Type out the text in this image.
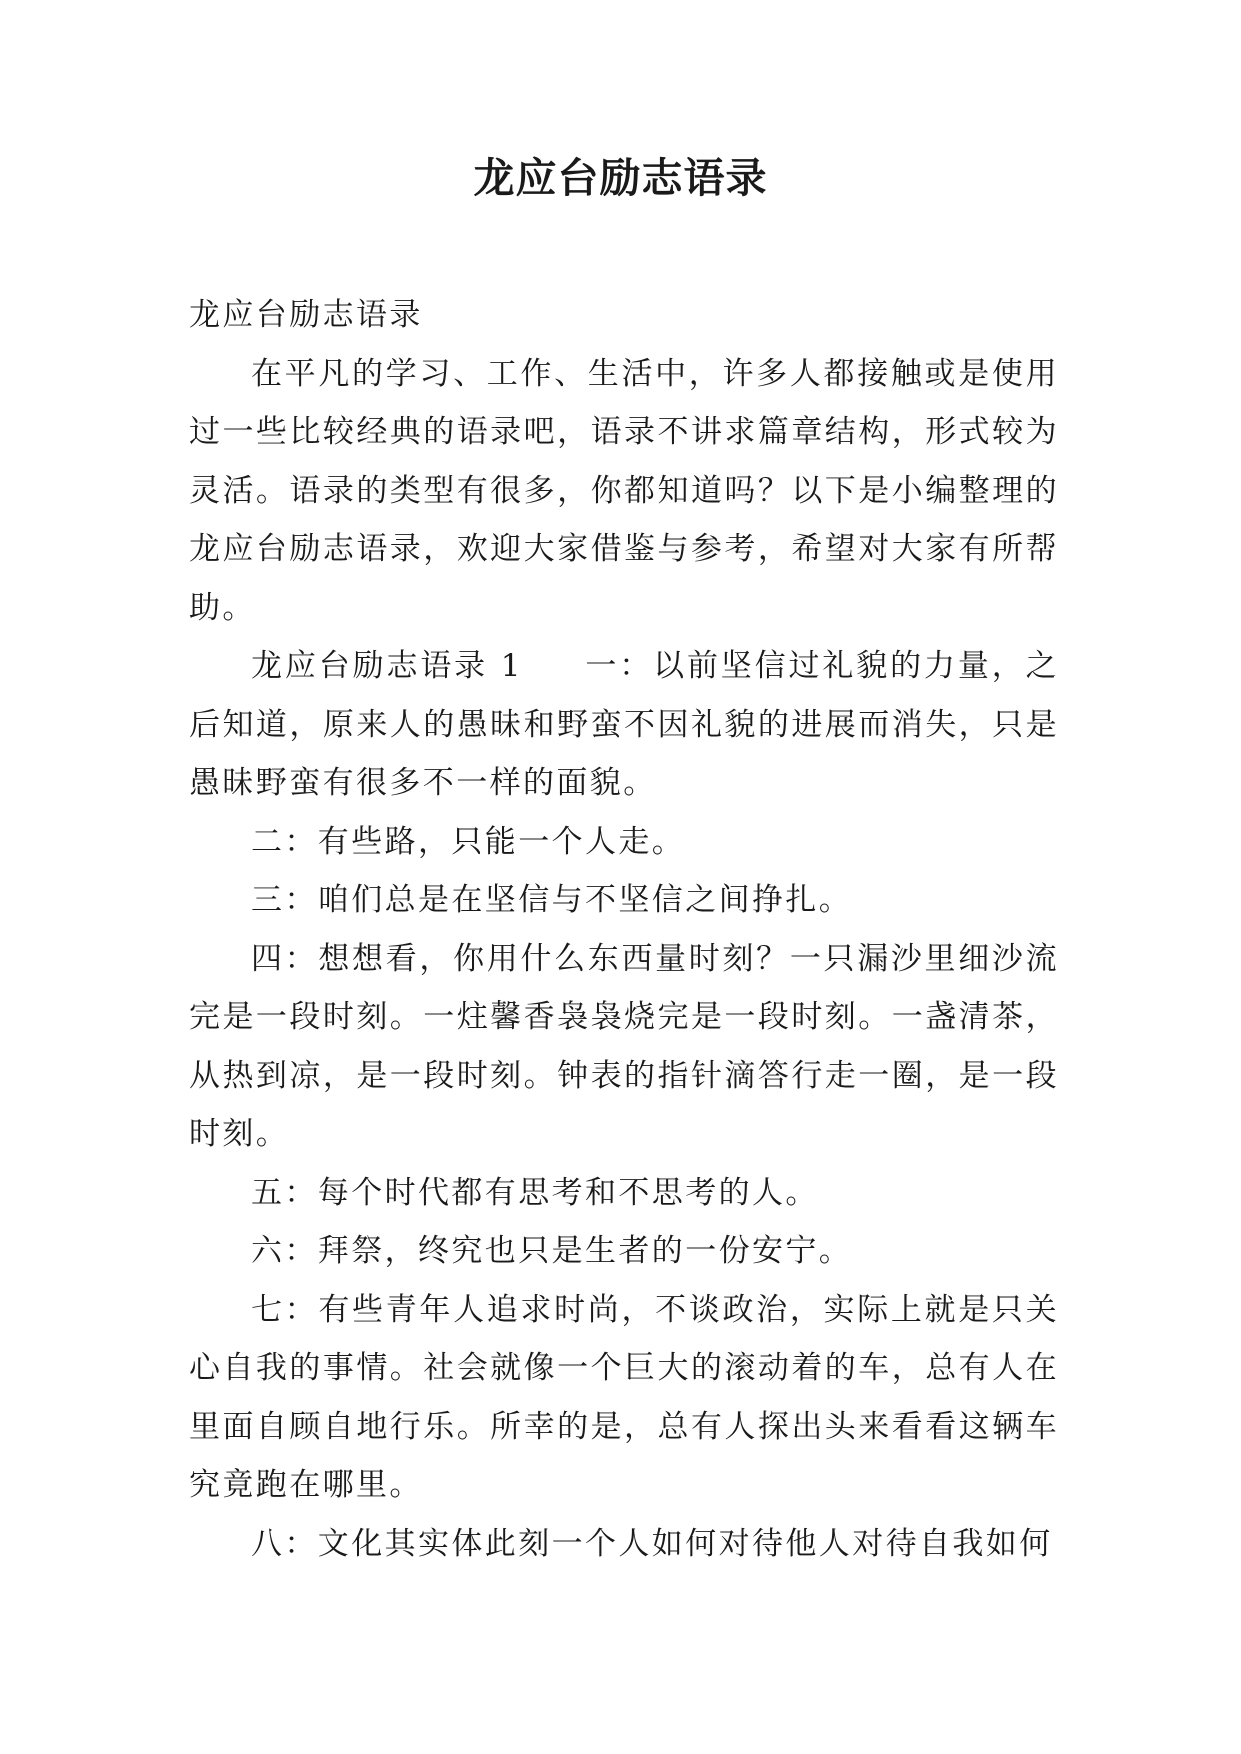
龙应台励志语录

龙应台励志语录

在平凡的学习、工作、生活中，许多人都接触或是使用过一些比较经典的语录吧，语录不讲求篇章结构，形式较为灵活。语录的类型有很多，你都知道吗？以下是小编整理的龙应台励志语录，欢迎大家借鉴与参考，希望对大家有所帮助。

龙应台励志语录 1 一：以前坚信过礼貌的力量，之后知道，原来人的愚昧和野蛮不因礼貌的进展而消失，只是愚昧野蛮有很多不一样的面貌。

二：有些路，只能一个人走。

三：咱们总是在坚信与不坚信之间挣扎。

四：想想看，你用什么东西量时刻？一只漏沙里细沙流完是一段时刻。一炷馨香袅袅烧完是一段时刻。一盏清茶，从热到凉，是一段时刻。钟表的指针滴答行走一圈，是一段时刻。

五：每个时代都有思考和不思考的人。

六：拜祭，终究也只是生者的一份安宁。

七：有些青年人追求时尚，不谈政治，实际上就是只关心自我的事情。社会就像一个巨大的滚动着的车，总有人在里面自顾自地行乐。所幸的是，总有人探出头来看看这辆车究竟跑在哪里。

八：文化其实体此刻一个人如何对待他人对待自我如何
